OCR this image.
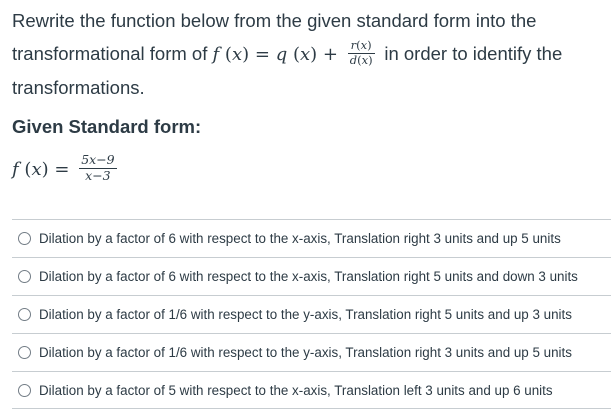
Rewrite the function below from the given standard form into the
transformational form of f (x) = q $(x) + \frac{r(x)}{d(x)}$ in order to identify the
transformations.
Given Standard form:
f $(x) = \frac{5x-9}{x-3}$
Dilation by a factor of 6 with respect to the x-axis, Translation right 3 units and up 5 units
Dilation by a factor of 6 with respect to the x-axis, Translation right 5 units and down 3 units
Dilation by a factor of 1/6 with respect to the y-axis, Translation right 5 units and up 3 units
Dilation by a factor of 1/6 with respect to the y-axis, Translation right 3 units and up 5 units
Dilation by a factor of 5 with respect to the x-axis, Translation left 3 units and up 6 units
